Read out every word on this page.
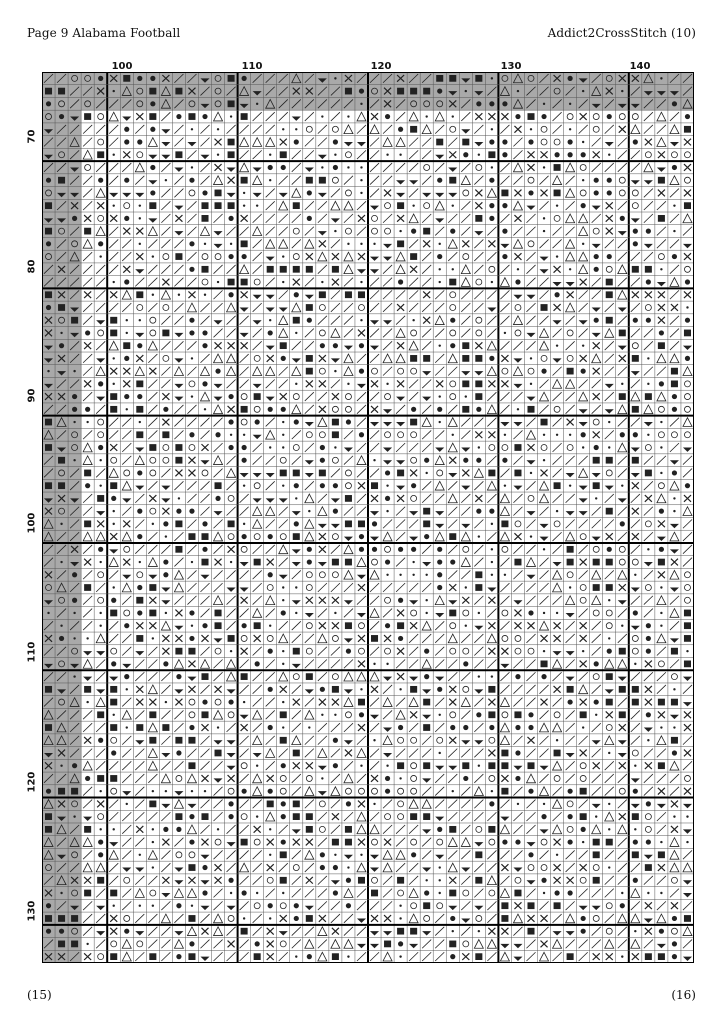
Page 9 Alabama Football	Addict2CrossStitch (10)
100	110	120	130	140
70
80
90
100
110
120
130
(15)	(16)
